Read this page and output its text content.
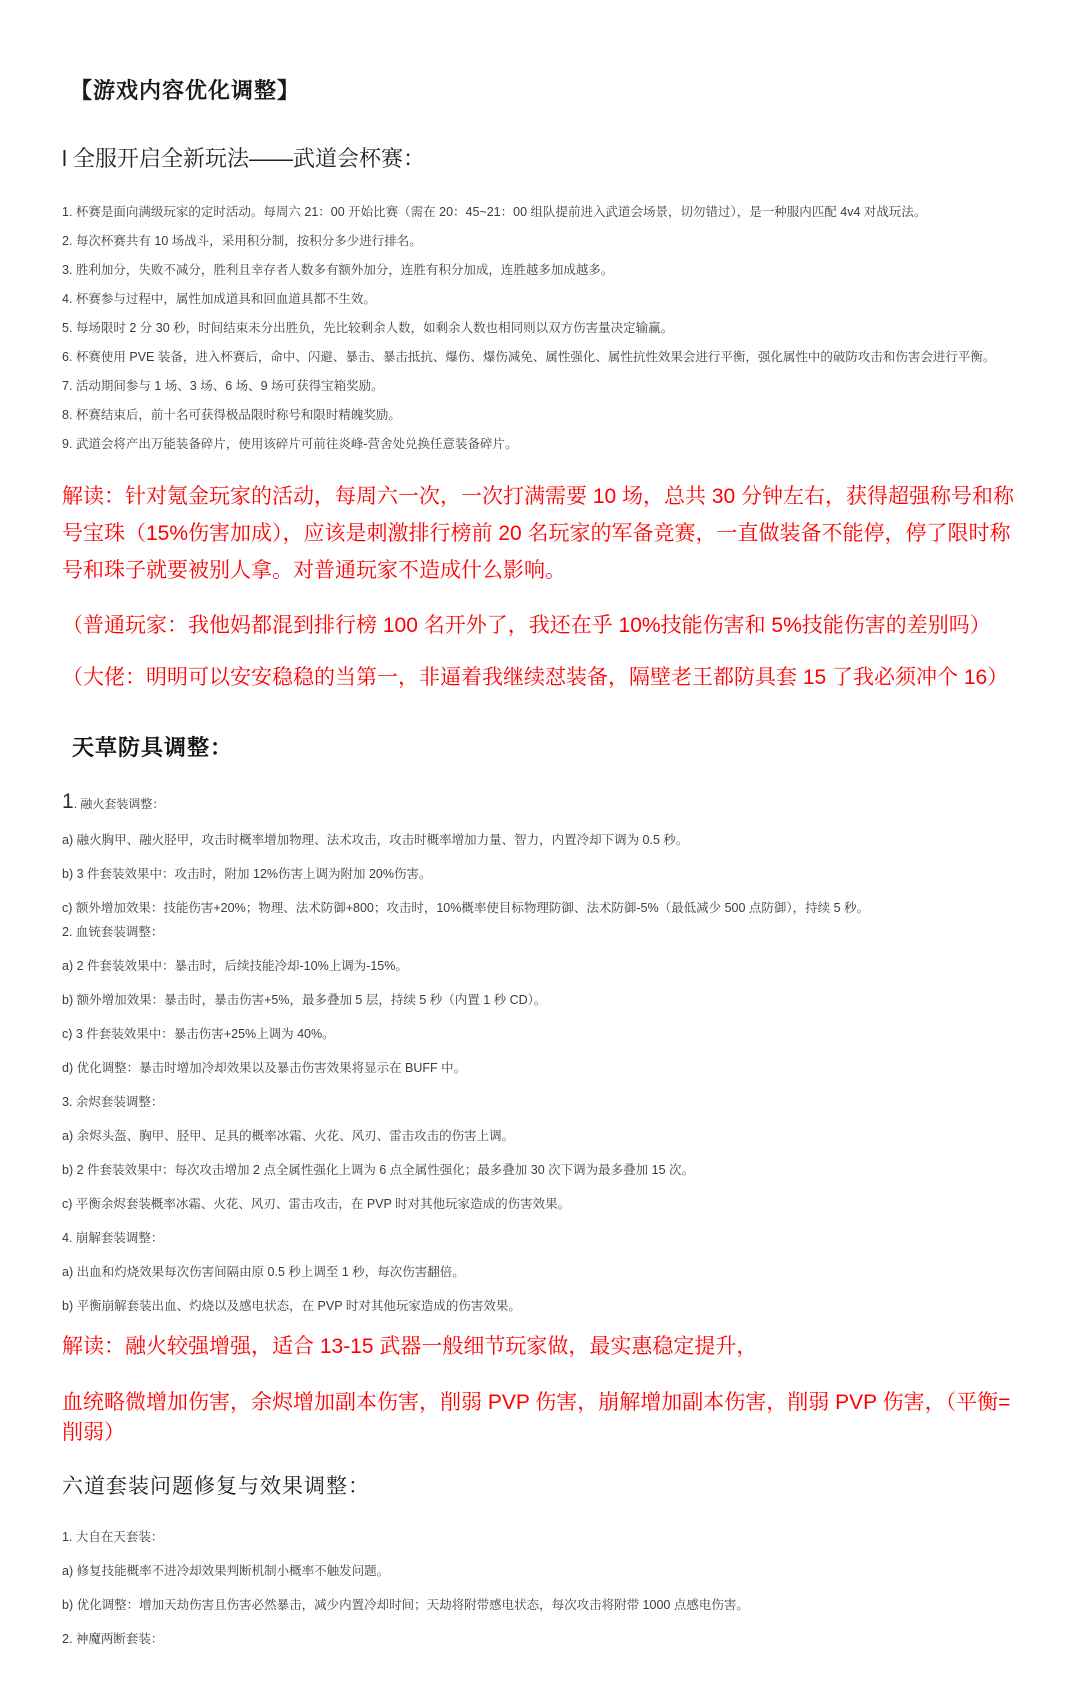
【游戏内容优化调整】
l 全服开启全新玩法——武道会杯赛：

1. 杯赛是面向满级玩家的定时活动。每周六 21：00 开始比赛（需在 20：45~21：00 组队提前进入武道会场景，切勿错过），是一种服内匹配 4v4 对战玩法。

2. 每次杯赛共有 10 场战斗，采用积分制，按积分多少进行排名。

3. 胜利加分，失败不减分，胜利且幸存者人数多有额外加分，连胜有积分加成，连胜越多加成越多。

4. 杯赛参与过程中，属性加成道具和回血道具都不生效。

5. 每场限时 2 分 30 秒，时间结束未分出胜负，先比较剩余人数，如剩余人数也相同则以双方伤害量决定输赢。

6. 杯赛使用 PVE 装备，进入杯赛后，命中、闪避、暴击、暴击抵抗、爆伤、爆伤减免、属性强化、属性抗性效果会进行平衡，强化属性中的破防攻击和伤害会进行平衡。

7. 活动期间参与 1 场、3 场、6 场、9 场可获得宝箱奖励。

8. 杯赛结束后，前十名可获得极品限时称号和限时精魄奖励。

9. 武道会将产出万能装备碎片，使用该碎片可前往炎峰-营舍处兑换任意装备碎片。

解读：针对氪金玩家的活动，每周六一次，一次打满需要 10 场，总共 30 分钟左右，获得超强称号和称号宝珠（15%伤害加成），应该是刺激排行榜前 20 名玩家的军备竞赛，一直做装备不能停，停了限时称号和珠子就要被别人拿。对普通玩家不造成什么影响。

（普通玩家：我他妈都混到排行榜 100 名开外了，我还在乎 10%技能伤害和 5%技能伤害的差别吗）

（大佬：明明可以安安稳稳的当第一，非逼着我继续怼装备，隔壁老王都防具套 15 了我必须冲个 16）

天草防具调整：

1. 融火套装调整：

a) 融火胸甲、融火胫甲，攻击时概率增加物理、法术攻击，攻击时概率增加力量、智力，内置冷却下调为 0.5 秒。

b) 3 件套装效果中：攻击时，附加 12%伤害上调为附加 20%伤害。

c) 额外增加效果：技能伤害+20%；物理、法术防御+800；攻击时，10%概率使目标物理防御、法术防御-5%（最低减少 500 点防御），持续 5 秒。

2. 血铳套装调整：

a) 2 件套装效果中：暴击时，后续技能冷却-10%上调为-15%。

b) 额外增加效果：暴击时，暴击伤害+5%，最多叠加 5 层，持续 5 秒（内置 1 秒 CD）。

c) 3 件套装效果中：暴击伤害+25%上调为 40%。

d) 优化调整：暴击时增加冷却效果以及暴击伤害效果将显示在 BUFF 中。

3. 余烬套装调整：

a) 余烬头盔、胸甲、胫甲、足具的概率冰霜、火花、风刃、雷击攻击的伤害上调。

b) 2 件套装效果中：每次攻击增加 2 点全属性强化上调为 6 点全属性强化；最多叠加 30 次下调为最多叠加 15 次。

c) 平衡余烬套装概率冰霜、火花、风刃、雷击攻击，在 PVP 时对其他玩家造成的伤害效果。

4. 崩解套装调整：

a) 出血和灼烧效果每次伤害间隔由原 0.5 秒上调至 1 秒，每次伤害翻倍。

b) 平衡崩解套装出血、灼烧以及感电状态，在 PVP 时对其他玩家造成的伤害效果。

解读：融火较强增强，适合 13-15 武器一般细节玩家做，最实惠稳定提升，

血统略微增加伤害，余烬增加副本伤害，削弱 PVP 伤害，崩解增加副本伤害，削弱 PVP 伤害，（平衡=削弱）

六道套装问题修复与效果调整：

1. 大自在天套装：

a) 修复技能概率不进冷却效果判断机制小概率不触发问题。

b) 优化调整：增加天劫伤害且伤害必然暴击，减少内置冷却时间；天劫将附带感电状态，每次攻击将附带 1000 点感电伤害。

2. 神魔两断套装：
